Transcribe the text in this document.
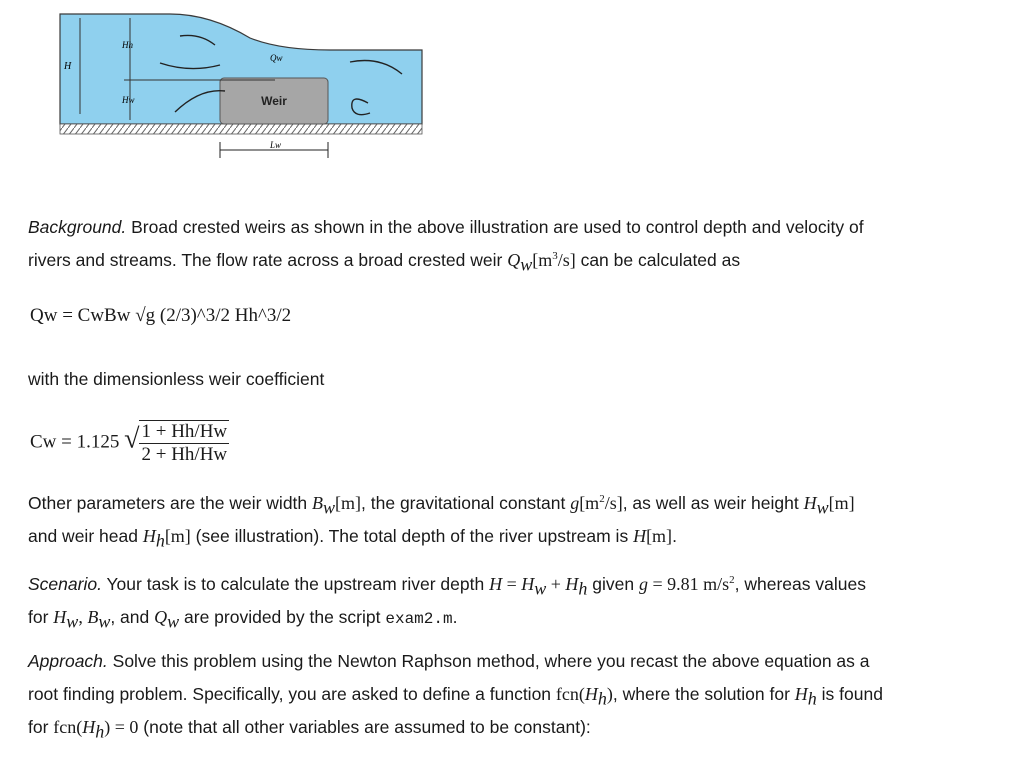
Weir
H
Hh
Hw
Qw
Lw

Background. Broad crested weirs as shown in the above illustration are used to control depth and velocity of
rivers and streams. The flow rate across a broad crested weir $Q_w[m^3/s]$ can be calculated as

Qw = CwBw √g (2/3)^3/2 Hh^3/2

with the dimensionless weir coefficient

Cw = 1.125 √ $\frac{1 + Hh/Hw}{2 + Hh/Hw}$

Other parameters are the weir width $B_w[m]$, the gravitational constant $g[m^2/s]$, as well as weir height $H_w[m]$
and weir head $H_h[m]$ (see illustration). The total depth of the river upstream is H[m].

Scenario. Your task is to calculate the upstream river depth $H = H_w + H_h$ given g = 9.81 $m/s^2$, whereas values
for $H_w$, $B_w$, and $Q_w$ are provided by the script exam2.m.

Approach. Solve this problem using the Newton Raphson method, where you recast the above equation as a
root finding problem. Specifically, you are asked to define a function $fcn(H_h)$, where the solution for $H_h$ is found
for $fcn(H_h) = 0$ (note that all other variables are assumed to be constant):
